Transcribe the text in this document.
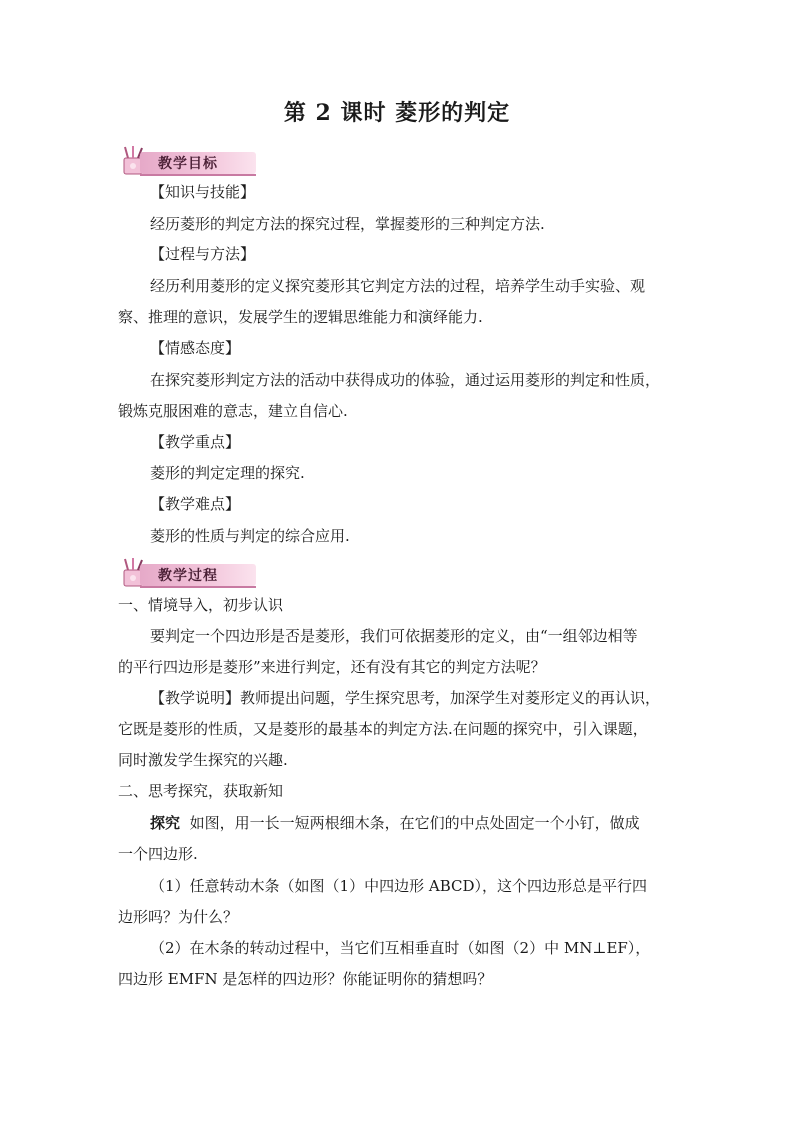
第 2 课时 菱形的判定
教学目标
【知识与技能】
经历菱形的判定方法的探究过程，掌握菱形的三种判定方法.
【过程与方法】
经历利用菱形的定义探究菱形其它判定方法的过程，培养学生动手实验、观
察、推理的意识，发展学生的逻辑思维能力和演绎能力.
【情感态度】
在探究菱形判定方法的活动中获得成功的体验，通过运用菱形的判定和性质，
锻炼克服困难的意志，建立自信心.
【教学重点】
菱形的判定定理的探究.
【教学难点】
菱形的性质与判定的综合应用.
教学过程
一、情境导入，初步认识
要判定一个四边形是否是菱形，我们可依据菱形的定义，由“一组邻边相等
的平行四边形是菱形”来进行判定，还有没有其它的判定方法呢？
【教学说明】教师提出问题，学生探究思考，加深学生对菱形定义的再认识，
它既是菱形的性质，又是菱形的最基本的判定方法.在问题的探究中，引入课题，
同时激发学生探究的兴趣.
二、思考探究，获取新知
探究 如图，用一长一短两根细木条，在它们的中点处固定一个小钉，做成
一个四边形.
（1）任意转动木条（如图（1）中四边形 ABCD），这个四边形总是平行四
边形吗？为什么？
（2）在木条的转动过程中，当它们互相垂直时（如图（2）中 MN⊥EF），
四边形 EMFN 是怎样的四边形？你能证明你的猜想吗？
